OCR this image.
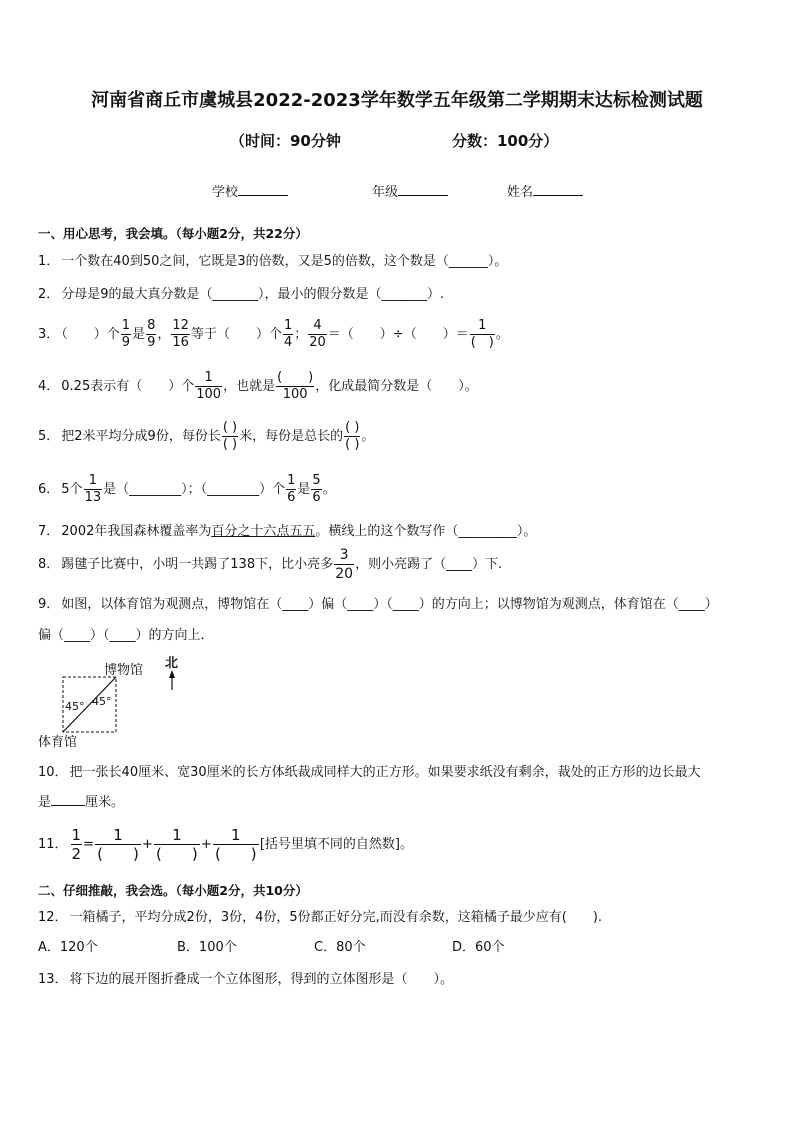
河南省商丘市虞城县2022-2023学年数学五年级第二学期期末达标检测试题
（时间：90分钟	分数：100分）
学校	年级	姓名
一、用心思考，我会填。（每小题2分，共22分）
1． 一个数在40到50之间，它既是3的倍数，又是5的倍数，这个数是（______）。
2． 分母是9的最大真分数是（_______），最小的假分数是（_______）.
3． （　　）个 $\frac{1}{9}$ 是 $\frac{8}{9}$ ， $\frac{12}{16}$ 等于（　　）个 $\frac{1}{4}$ ； $\frac{4}{20}$ ＝（　　）÷（　　）＝ $\frac{1}{( )}$ 。
4． 0.25表示有（　　）个 $\frac{1}{100}$ ，也就是 $\frac{( )}{100}$ ，化成最简分数是（　　）。
5． 把2米平均分成9份，每份长 $\frac{( )}{( )}$ 米，每份是总长的 $\frac{( )}{( )}$ 。
6． 5个 $\frac{1}{13}$ 是（________）；（________）个 $\frac{1}{6}$ 是 $\frac{5}{6}$ 。
7． 2002年我国森林覆盖率为百分之十六点五五。横线上的这个数写作（_________）。
8． 踢毽子比赛中，小明一共踢了138下，比小亮多 $\frac{3}{20}$ ，则小亮踢了（____）下.
9． 如图，以体育馆为观测点，博物馆在（____）偏（____）（____）的方向上；以博物馆为观测点，体育馆在（____）
偏（____）（____）的方向上．
博物馆 北
45° 45°
体育馆
10． 把一张长40厘米、宽30厘米的长方体纸裁成同样大的正方形。如果要求纸没有剩余，裁处的正方形的边长最大
是	厘米。
11． $\frac{1}{2} = \frac{1}{( )} + \frac{1}{( )} + \frac{1}{( )}$ [括号里填不同的自然数]。
二、仔细推敲，我会选。（每小题2分，共10分）
12． 一箱橘子，平均分成2份，3份，4份，5份都正好分完,而没有余数，这箱橘子最少应有(　　).
A．120个	B．100个	C．80个	D．60个
13． 将下边的展开图折叠成一个立体图形，得到的立体图形是（　　）。
